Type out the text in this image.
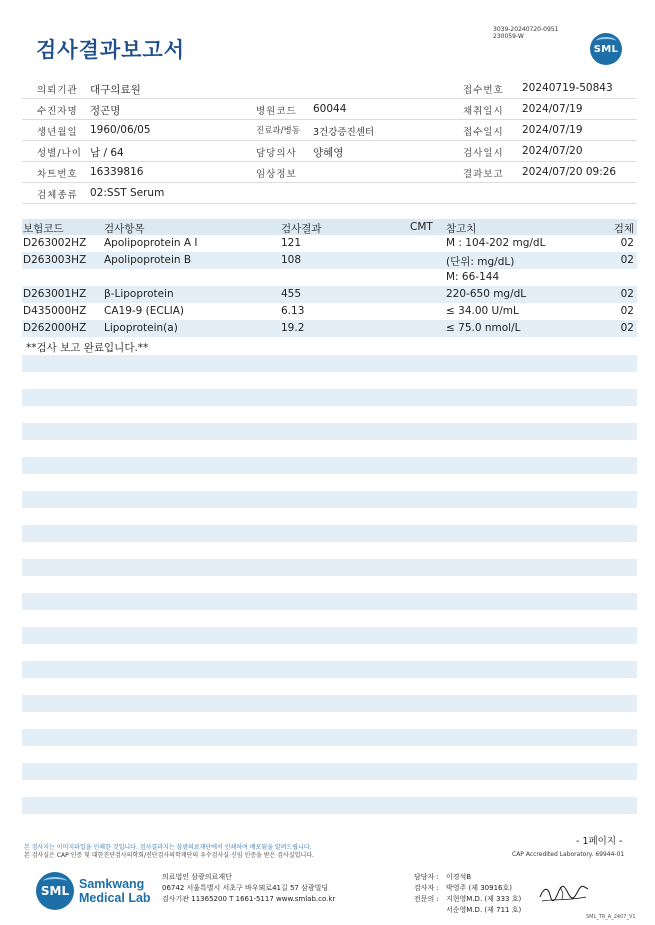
검사결과보고서
3039-20240720-0951
230059-W
SML
의뢰기관 대구의료원	접수번호 20240719-50843
수진자명 정곤명	병원코드 60044	채취일시 2024/07/19
생년월일 1960/06/05	진료과/병동 3건강증진센터	접수일시 2024/07/19
성별/나이 남 / 64	담당의사 양혜영	검사일시 2024/07/20
차트번호 16339816	임상정보	결과보고 2024/07/20 09:26
검체종류 02:SST Serum
보험코드	검사항목	검사결과	CMT 참고치	검체
D263002HZ Apolipoprotein A I	121	M : 104-202 mg/dL	02
D263003HZ Apolipoprotein B	108	(단위: mg/dL)	02
M: 66-144
D263001HZ β-Lipoprotein	455	220-650 mg/dL	02
D435000HZ CA19-9 (ECLIA)	6.13	≤ 34.00 U/mL	02
D262000HZ Lipoprotein(a)	19.2	≤ 75.0 nmol/L	02
**검사 보고 완료입니다.**
- 1페이지 -
본 검사지는 이미지파일을 인쇄한 것입니다. 검사결과지는 삼광의료재단에서 인쇄하여 배포됨을 알려드립니다.
본 검사실은 CAP 인증 및 대한진단검사의학회/진단검사의학재단의 우수검사실 신임 인증을 받은 검사실입니다.	CAP Accredited Laboratory. 69944-01
SML Samkwang
Medical Lab
의료법인 삼광의료재단
06742 서울특별시 서초구 바우뫼로41길 57 삼광빌딩
검사기관 11365200 T 1661-5117 www.smlab.co.kr
담당자 : 이경석B
검사자 : 박영주 (제 30916호)
전문의 : 지현영M.D. (제 333 호)
서순영M.D. (제 711 호)
SML_TR_A_2407_V1
